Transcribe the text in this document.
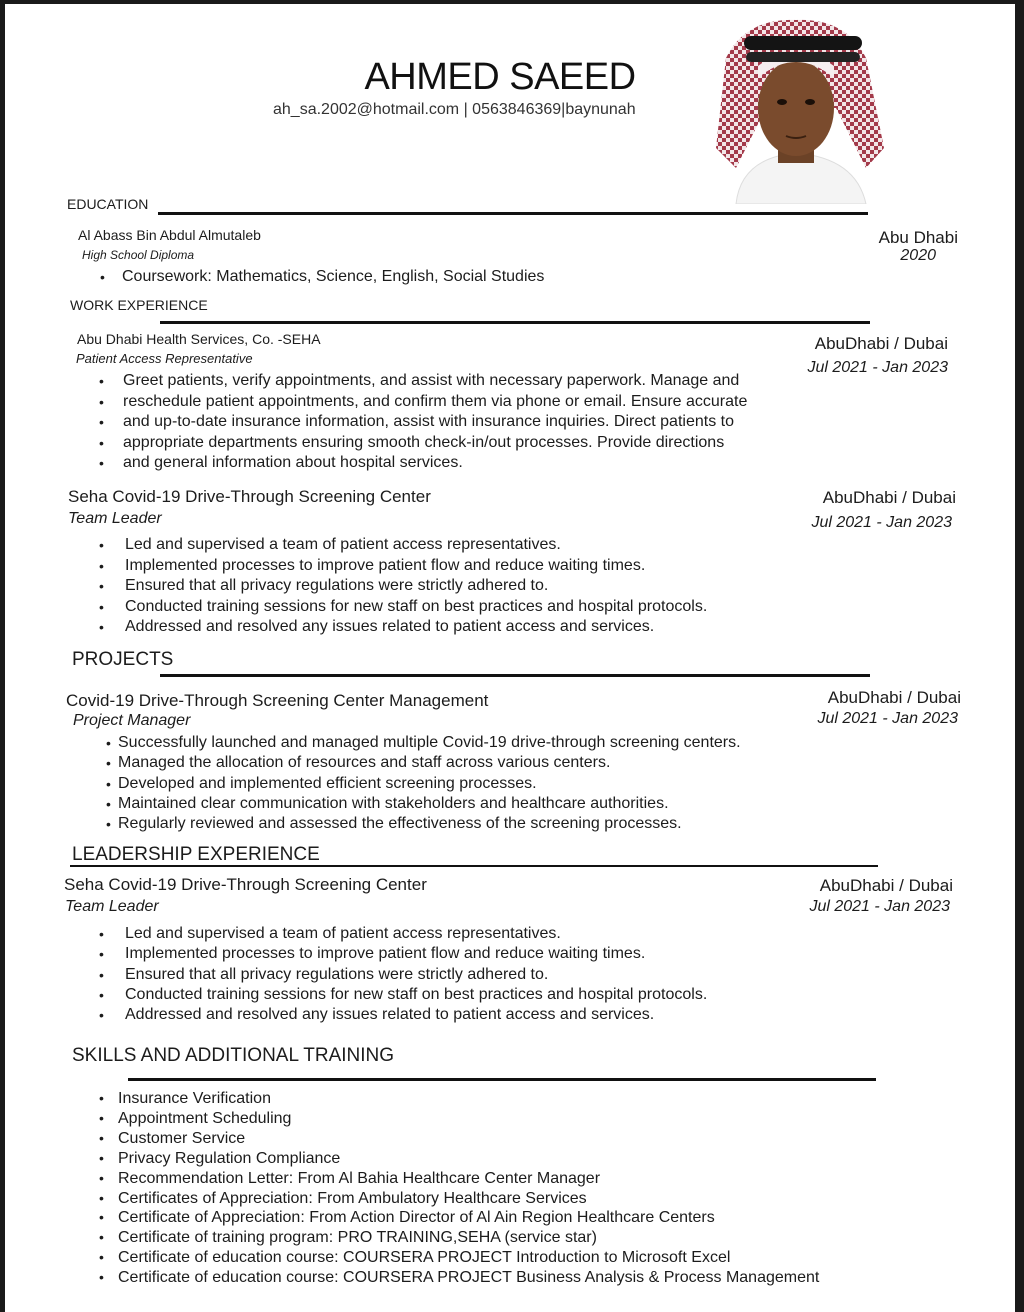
AHMED SAEED
ah_sa.2002@hotmail.com | 0563846369|baynunah
EDUCATION
Al Abass Bin Abdul Almutaleb
High School Diploma
Abu Dhabi
2020
• Coursework: Mathematics, Science, English, Social Studies
WORK EXPERIENCE
Abu Dhabi Health Services, Co. -SEHA
Patient Access Representative
AbuDhabi / Dubai
Jul 2021 - Jan 2023
• Greet patients, verify appointments, and assist with necessary paperwork. Manage and
• reschedule patient appointments, and confirm them via phone or email. Ensure accurate
• and up-to-date insurance information, assist with insurance inquiries. Direct patients to
• appropriate departments ensuring smooth check-in/out processes. Provide directions
• and general information about hospital services.
Seha Covid-19 Drive-Through Screening Center
Team Leader
AbuDhabi / Dubai
Jul 2021 - Jan 2023
• Led and supervised a team of patient access representatives.
• Implemented processes to improve patient flow and reduce waiting times.
• Ensured that all privacy regulations were strictly adhered to.
• Conducted training sessions for new staff on best practices and hospital protocols.
• Addressed and resolved any issues related to patient access and services.
PROJECTS
Covid-19 Drive-Through Screening Center Management
Project Manager
AbuDhabi / Dubai
Jul 2021 - Jan 2023
• Successfully launched and managed multiple Covid-19 drive-through screening centers.
• Managed the allocation of resources and staff across various centers.
• Developed and implemented efficient screening processes.
• Maintained clear communication with stakeholders and healthcare authorities.
• Regularly reviewed and assessed the effectiveness of the screening processes.
LEADERSHIP EXPERIENCE
Seha Covid-19 Drive-Through Screening Center
Team Leader
AbuDhabi / Dubai
Jul 2021 - Jan 2023
• Led and supervised a team of patient access representatives.
• Implemented processes to improve patient flow and reduce waiting times.
• Ensured that all privacy regulations were strictly adhered to.
• Conducted training sessions for new staff on best practices and hospital protocols.
• Addressed and resolved any issues related to patient access and services.
SKILLS AND ADDITIONAL TRAINING
• Insurance Verification
• Appointment Scheduling
• Customer Service
• Privacy Regulation Compliance
• Recommendation Letter: From Al Bahia Healthcare Center Manager
• Certificates of Appreciation: From Ambulatory Healthcare Services
• Certificate of Appreciation: From Action Director of Al Ain Region Healthcare Centers
• Certificate of training program: PRO TRAINING,SEHA (service star)
• Certificate of education course: COURSERA PROJECT Introduction to Microsoft Excel
• Certificate of education course: COURSERA PROJECT Business Analysis & Process Management
